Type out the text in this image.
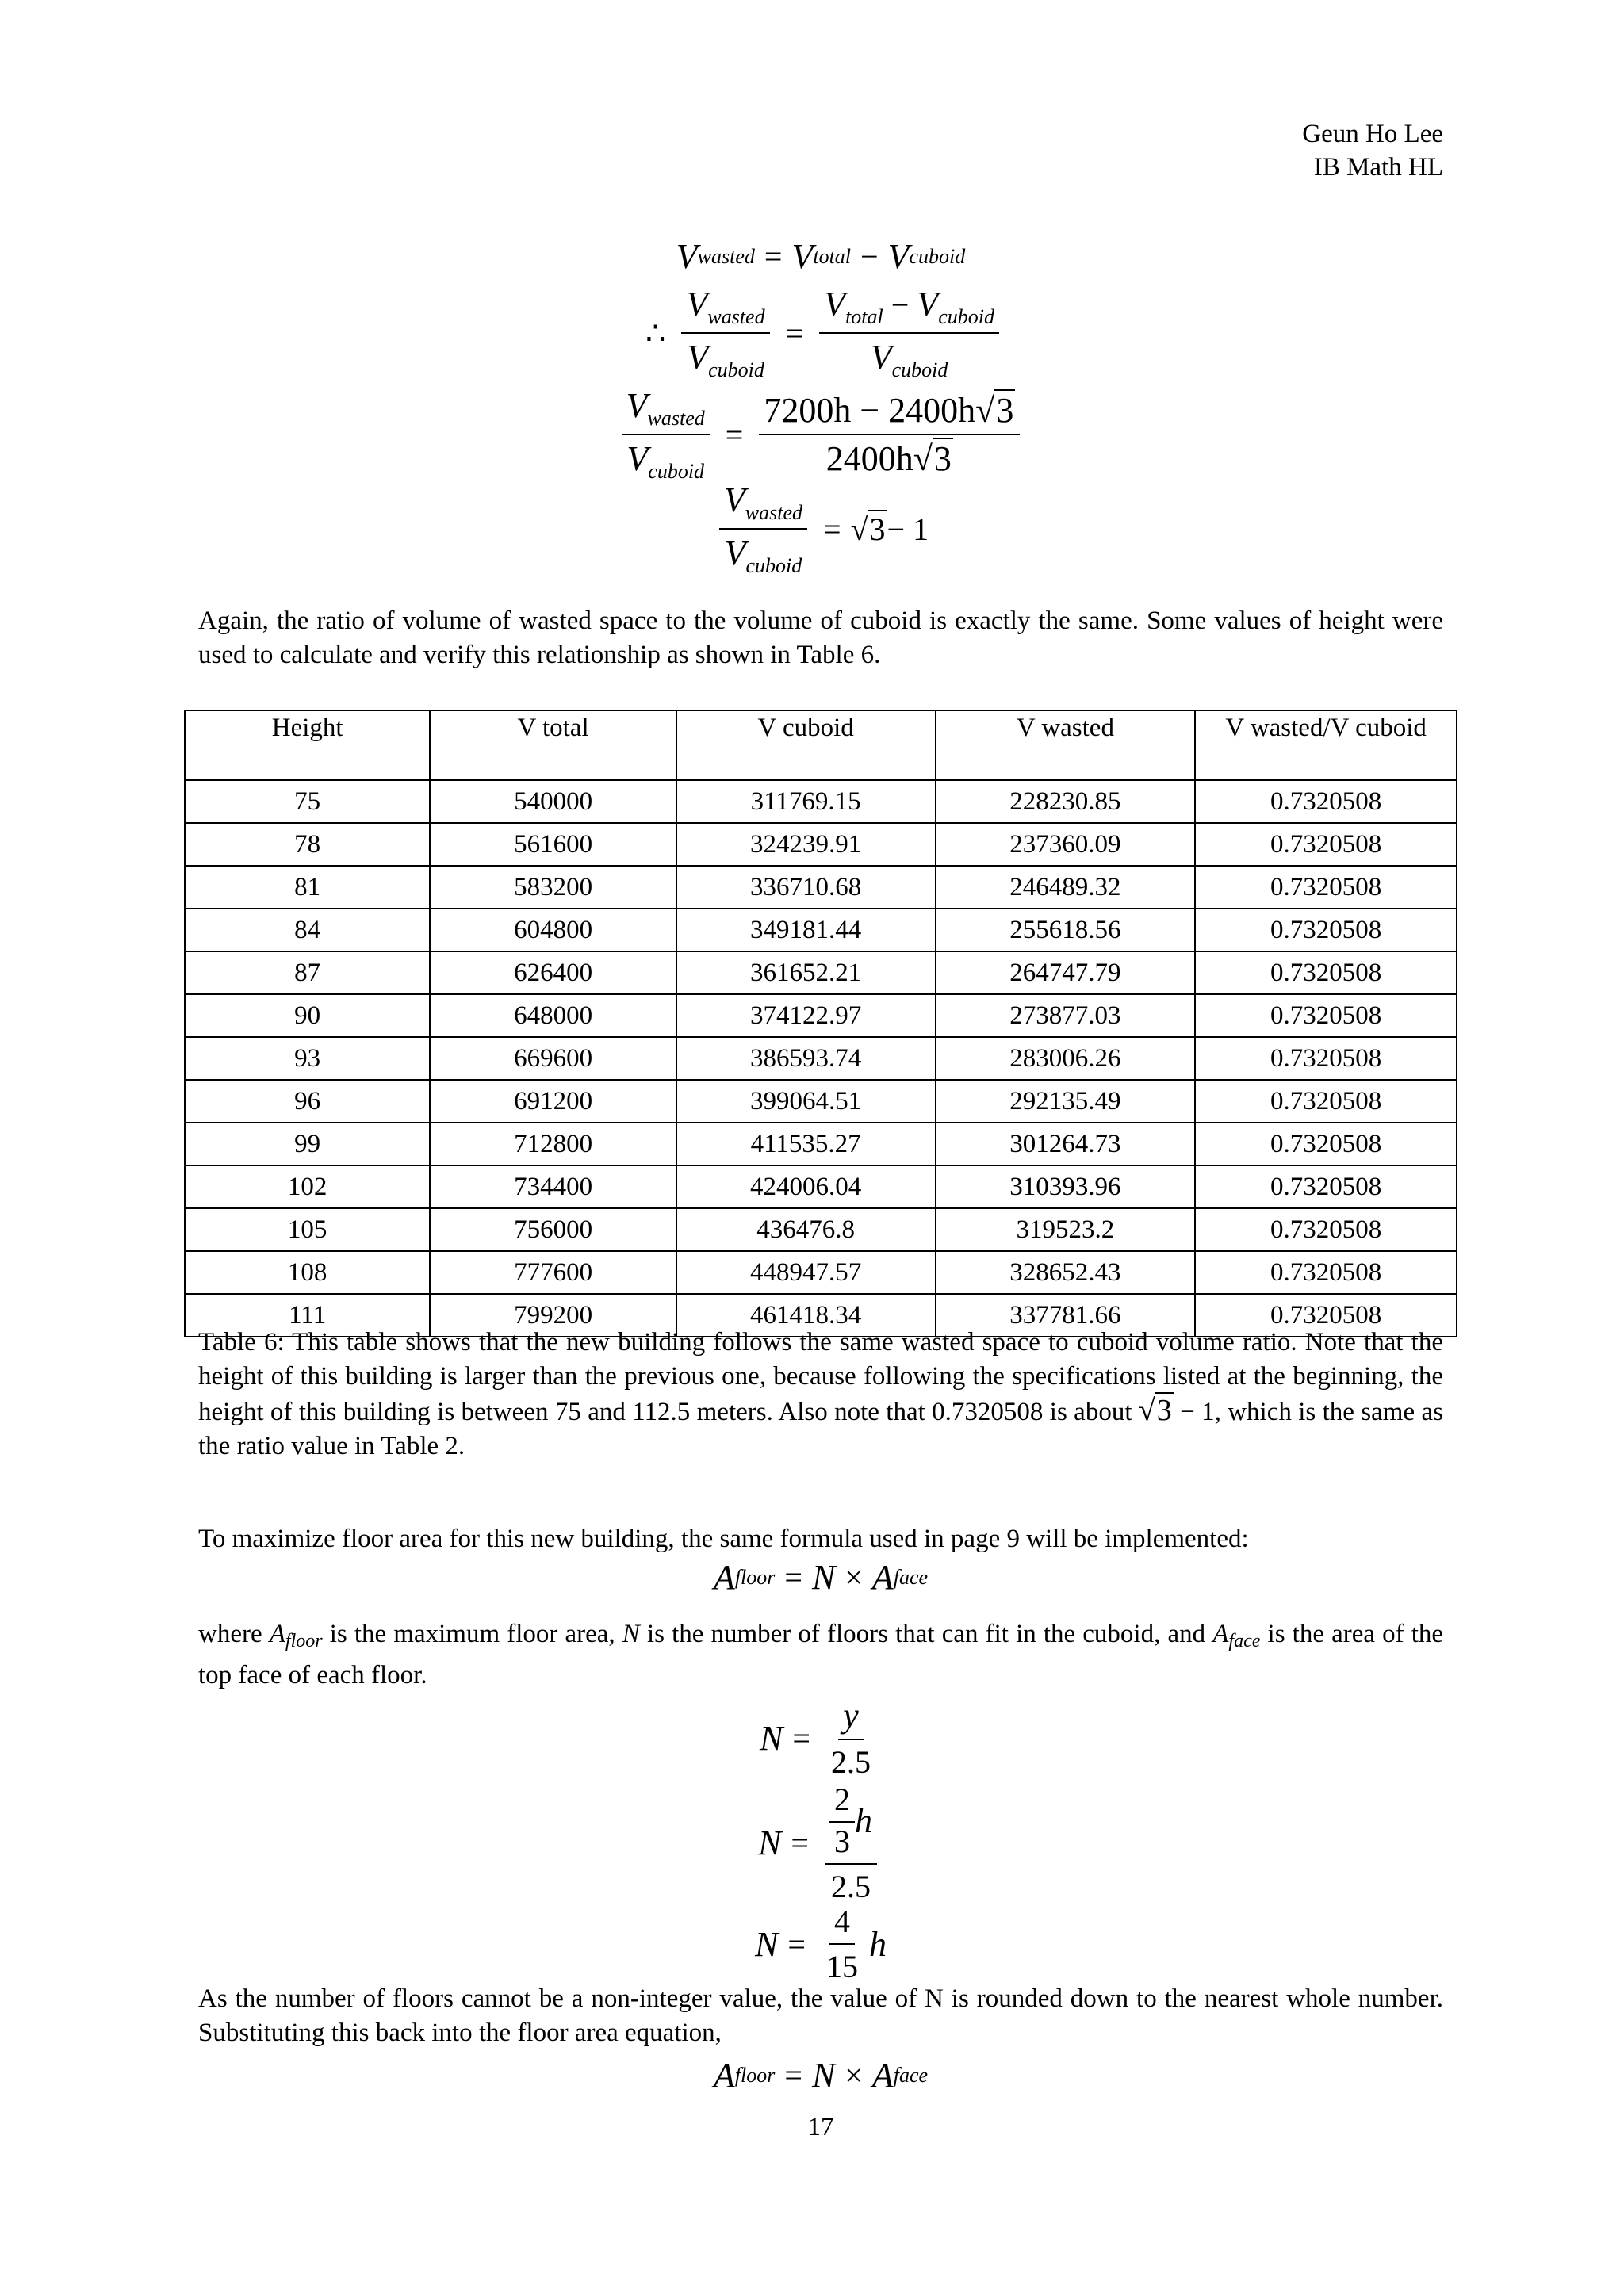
Geun Ho Lee
IB Math HL
V wasted = V total − V cuboid
∴ $\frac{V_{wasted}}{V_{cuboid}} = \frac{V_{total} - V_{cuboid}}{V_{cuboid}}$
$\frac{V_{wasted}}{V_{cuboid}} = \frac{7200h - 2400h√3}{2400h√3}$
$\frac{V_{wasted}}{V_{cuboid}} = √3 - 1$
Again, the ratio of volume of wasted space to the volume of cuboid is exactly the same. Some values of height were used to calculate and verify this relationship as shown in Table 6.
Height	V total	V cuboid	V wasted	V wasted/V cuboid
75	540000	311769.15	228230.85	0.7320508
78	561600	324239.91	237360.09	0.7320508
81	583200	336710.68	246489.32	0.7320508
84	604800	349181.44	255618.56	0.7320508
87	626400	361652.21	264747.79	0.7320508
90	648000	374122.97	273877.03	0.7320508
93	669600	386593.74	283006.26	0.7320508
96	691200	399064.51	292135.49	0.7320508
99	712800	411535.27	301264.73	0.7320508
102	734400	424006.04	310393.96	0.7320508
105	756000	436476.8	319523.2	0.7320508
108	777600	448947.57	328652.43	0.7320508
111	799200	461418.34	337781.66	0.7320508
Table 6: This table shows that the new building follows the same wasted space to cuboid volume ratio. Note that the height of this building is larger than the previous one, because following the specifications listed at the beginning, the height of this building is between 75 and 112.5 meters. Also note that 0.7320508 is about √3 − 1, which is the same as the ratio value in Table 2.
To maximize floor area for this new building, the same formula used in page 9 will be implemented:
A floor = N × A face
where Afloor is the maximum floor area, N is the number of floors that can fit in the cuboid, and Aface is the area of the top face of each floor.
$N = \frac{y}{2.5}$
$N = \frac{\frac{2}{3} h}{2.5}$
$N = \frac{4}{15}$ h
As the number of floors cannot be a non-integer value, the value of N is rounded down to the nearest whole number. Substituting this back into the floor area equation,
A floor = N × A face
17
